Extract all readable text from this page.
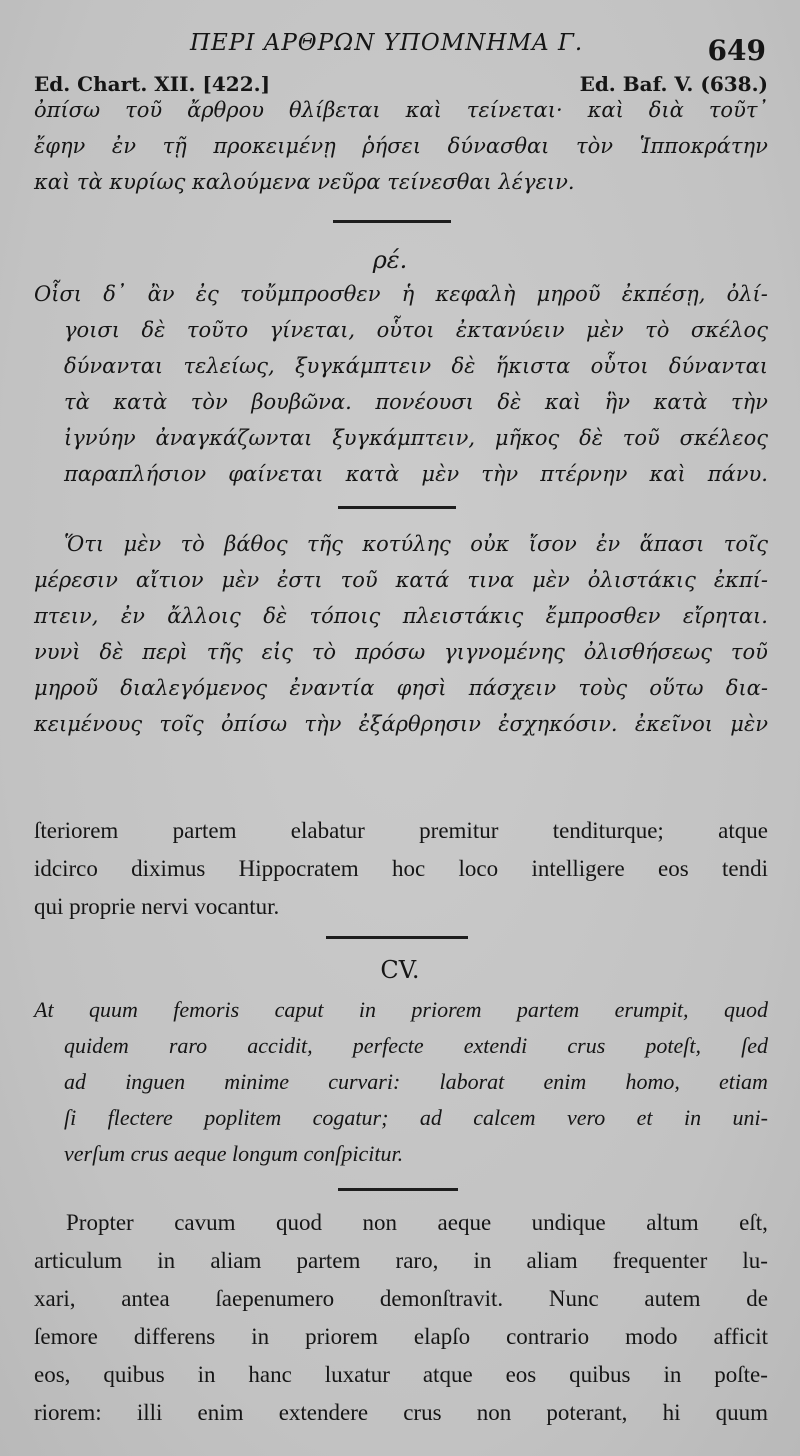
ΠΕΡΙ ΑΡΘΡΩΝ ΥΠΟΜΝΗΜΑ Γ.	649
Ed. Chart. XII. [422.]	Ed. Baf. V. (638.)
ὀπίσω τοῦ ἄρθρου θλίβεται καὶ τείνεται· καὶ διὰ τοῦτ᾽
ἔφην ἐν τῇ προκειμένῃ ῥήσει δύνασθαι τὸν Ἱπποκράτην
καὶ τὰ κυρίως καλούμενα νεῦρα τείνεσθαι λέγειν.
ρέ.
Οἷσι δ᾽ ἂν ἐς τοὔμπροσθεν ἡ κεφαλὴ μηροῦ ἐκπέσῃ, ὀλί-
γοισι δὲ τοῦτο γίνεται, οὗτοι ἐκτανύειν μὲν τὸ σκέλος
δύνανται τελείως, ξυγκάμπτειν δὲ ἥκιστα οὗτοι δύνανται
τὰ κατὰ τὸν βουβῶνα. πονέουσι δὲ καὶ ἣν κατὰ τὴν
ἰγνύην ἀναγκάζωνται ξυγκάμπτειν, μῆκος δὲ τοῦ σκέλεος
παραπλήσιον φαίνεται κατὰ μὲν τὴν πτέρνην καὶ πάνυ.
Ὅτι μὲν τὸ βάθος τῆς κοτύλης οὐκ ἴσον ἐν ἅπασι τοῖς
μέρεσιν αἴτιον μὲν ἐστι τοῦ κατά τινα μὲν ὀλιστάκις ἐκπί-
πτειν, ἐν ἄλλοις δὲ τόποις πλειστάκις ἔμπροσθεν εἴρηται.
νυνὶ δὲ περὶ τῆς εἰς τὸ πρόσω γιγνομένης ὀλισθήσεως τοῦ
μηροῦ διαλεγόμενος ἐναντία φησὶ πάσχειν τοὺς οὕτω δια-
κειμένους τοῖς ὀπίσω τὴν ἐξάρθρησιν ἐσχηκόσιν. ἐκεῖνοι μὲν
ſteriorem partem elabatur premitur tenditurque; atque
idcirco diximus Hippocratem hoc loco intelligere eos tendi
qui proprie nervi vocantur.
CV.
At quum femoris caput in priorem partem erumpit, quod
quidem raro accidit, perfecte extendi crus poteſt, ſed
ad inguen minime curvari: laborat enim homo, etiam
ſi flectere poplitem cogatur; ad calcem vero et in uni-
verſum crus aeque longum conſpicitur.
Propter cavum quod non aeque undique altum eſt,
articulum in aliam partem raro, in aliam frequenter lu-
xari, antea ſaepenumero demonſtravit. Nunc autem de
ſemore differens in priorem elapſo contrario modo afficit
eos, quibus in hanc luxatur atque eos quibus in poſte-
riorem: illi enim extendere crus non poterant, hi quum
